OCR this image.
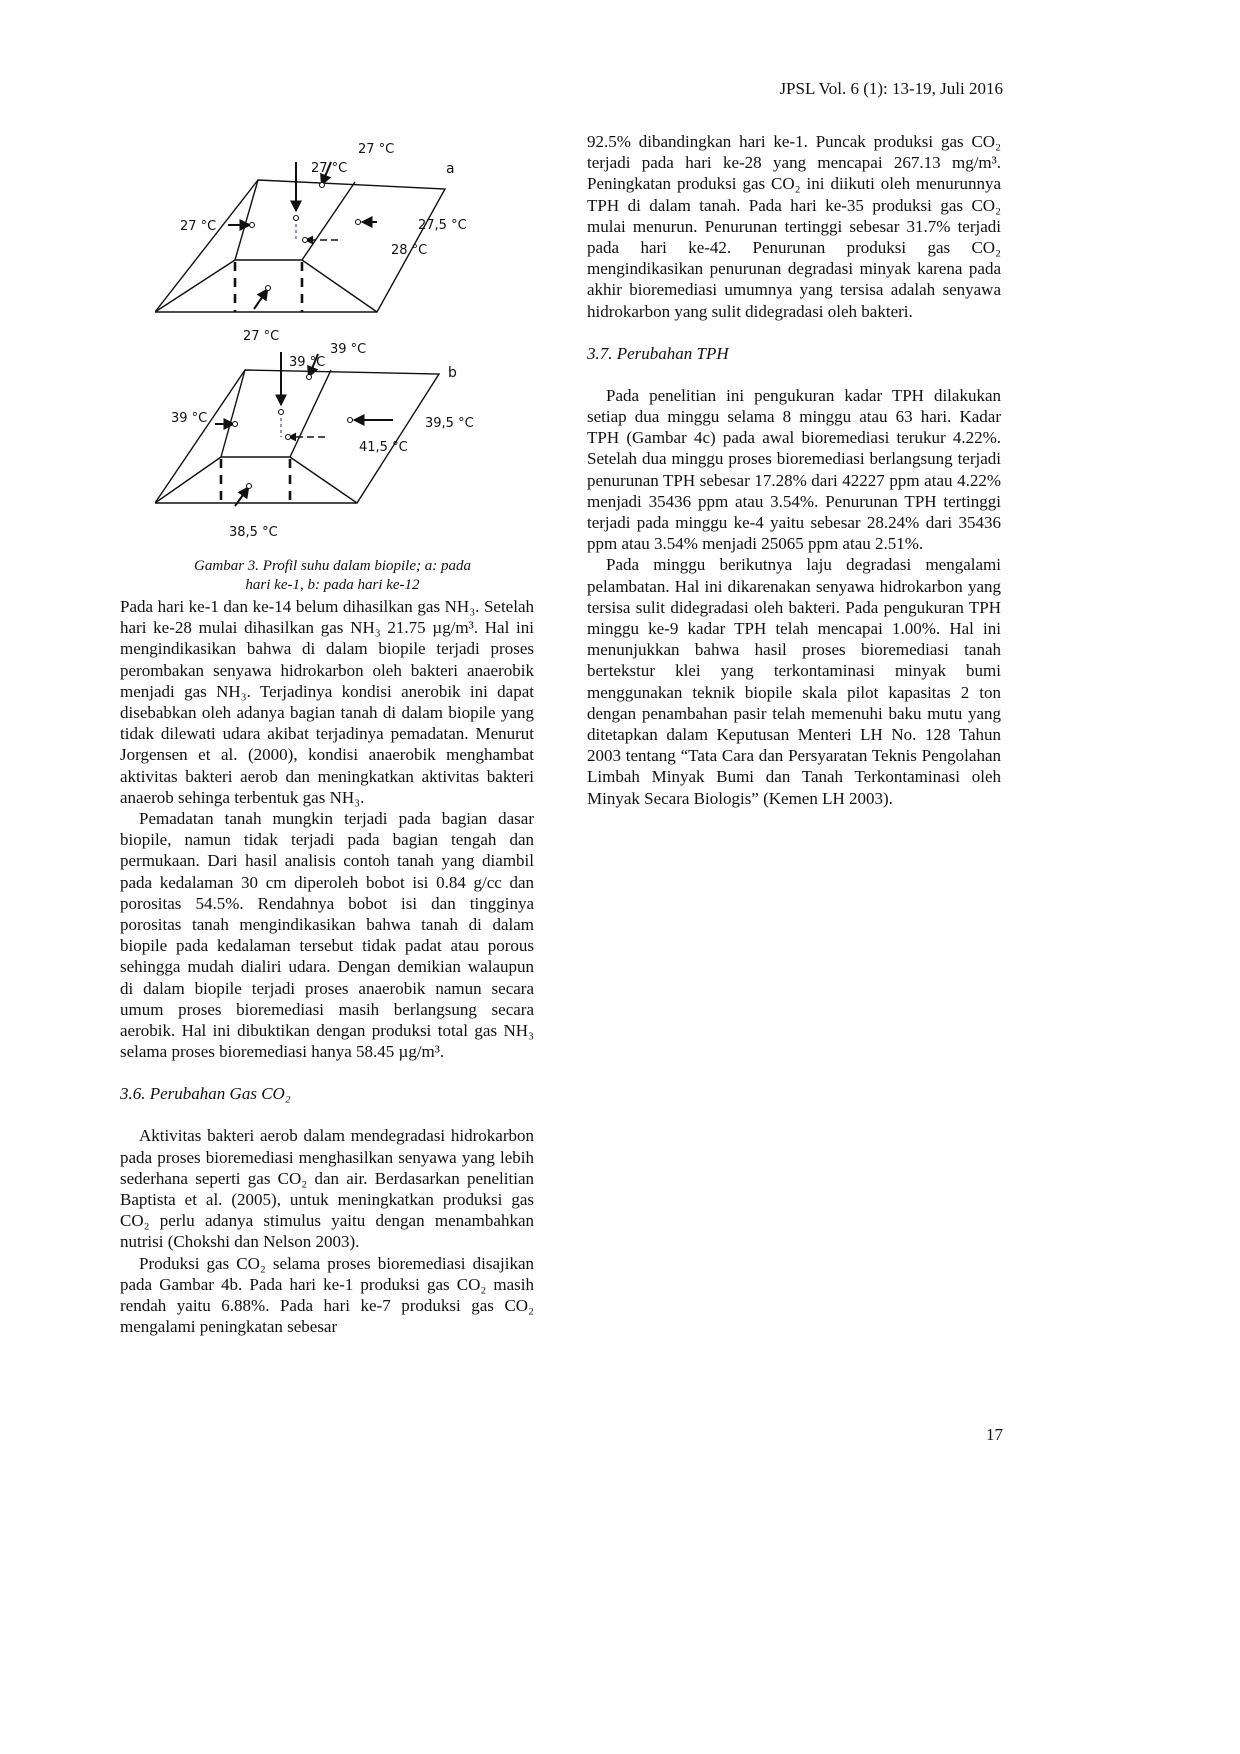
JPSL Vol. 6 (1): 13-19, Juli 2016
27 °C
27 °C	a
27 °C	27,5 °C
28 °C
27 °C
39 °C
39 °C
b
39 °C	39,5 °C
41,5 °C
38,5 °C
Gambar 3. Profil suhu dalam biopile; a: pada
hari ke-1, b: pada hari ke-12

Pada hari ke-1 dan ke-14 belum dihasilkan gas NH₃. Setelah hari ke-28 mulai dihasilkan gas NH₃ 21.75 µg/m³. Hal ini mengindikasikan bahwa di dalam biopile terjadi proses perombakan senyawa hidrokarbon oleh bakteri anaerobik menjadi gas NH₃. Terjadinya kondisi anerobik ini dapat disebabkan oleh adanya bagian tanah di dalam biopile yang tidak dilewati udara akibat terjadinya pemadatan. Menurut Jorgensen et al. (2000), kondisi anaerobik menghambat aktivitas bakteri aerob dan meningkatkan aktivitas bakteri anaerob sehinga terbentuk gas NH₃.

Pemadatan tanah mungkin terjadi pada bagian dasar biopile, namun tidak terjadi pada bagian tengah dan permukaan. Dari hasil analisis contoh tanah yang diambil pada kedalaman 30 cm diperoleh bobot isi 0.84 g/cc dan porositas 54.5%. Rendahnya bobot isi dan tingginya porositas tanah mengindikasikan bahwa tanah di dalam biopile pada kedalaman tersebut tidak padat atau porous sehingga mudah dialiri udara. Dengan demikian walaupun di dalam biopile terjadi proses anaerobik namun secara umum proses bioremediasi masih berlangsung secara aerobik. Hal ini dibuktikan dengan produksi total gas NH₃ selama proses bioremediasi hanya 58.45 µg/m³.

3.6. Perubahan Gas CO₂

Aktivitas bakteri aerob dalam mendegradasi hidrokarbon pada proses bioremediasi menghasilkan senyawa yang lebih sederhana seperti gas CO₂ dan air. Berdasarkan penelitian Baptista et al. (2005), untuk meningkatkan produksi gas CO₂ perlu adanya stimulus yaitu dengan menambahkan nutrisi (Chokshi dan Nelson 2003).

Produksi gas CO₂ selama proses bioremediasi disajikan pada Gambar 4b. Pada hari ke-1 produksi gas CO₂ masih rendah yaitu 6.88%. Pada hari ke-7 produksi gas CO₂ mengalami peningkatan sebesar

92.5% dibandingkan hari ke-1. Puncak produksi gas CO₂ terjadi pada hari ke-28 yang mencapai 267.13 mg/m³. Peningkatan produksi gas CO₂ ini diikuti oleh menurunnya TPH di dalam tanah. Pada hari ke-35 produksi gas CO₂ mulai menurun. Penurunan tertinggi sebesar 31.7% terjadi pada hari ke-42. Penurunan produksi gas CO₂ mengindikasikan penurunan degradasi minyak karena pada akhir bioremediasi umumnya yang tersisa adalah senyawa hidrokarbon yang sulit didegradasi oleh bakteri.

3.7. Perubahan TPH

Pada penelitian ini pengukuran kadar TPH dilakukan setiap dua minggu selama 8 minggu atau 63 hari. Kadar TPH (Gambar 4c) pada awal bioremediasi terukur 4.22%. Setelah dua minggu proses bioremediasi berlangsung terjadi penurunan TPH sebesar 17.28% dari 42227 ppm atau 4.22% menjadi 35436 ppm atau 3.54%. Penurunan TPH tertinggi terjadi pada minggu ke-4 yaitu sebesar 28.24% dari 35436 ppm atau 3.54% menjadi 25065 ppm atau 2.51%.

Pada minggu berikutnya laju degradasi mengalami pelambatan. Hal ini dikarenakan senyawa hidrokarbon yang tersisa sulit didegradasi oleh bakteri. Pada pengukuran TPH minggu ke-9 kadar TPH telah mencapai 1.00%. Hal ini menunjukkan bahwa hasil proses bioremediasi tanah bertekstur klei yang terkontaminasi minyak bumi menggunakan teknik biopile skala pilot kapasitas 2 ton dengan penambahan pasir telah memenuhi baku mutu yang ditetapkan dalam Keputusan Menteri LH No. 128 Tahun 2003 tentang “Tata Cara dan Persyaratan Teknis Pengolahan Limbah Minyak Bumi dan Tanah Terkontaminasi oleh Minyak Secara Biologis” (Kemen LH 2003).

17
